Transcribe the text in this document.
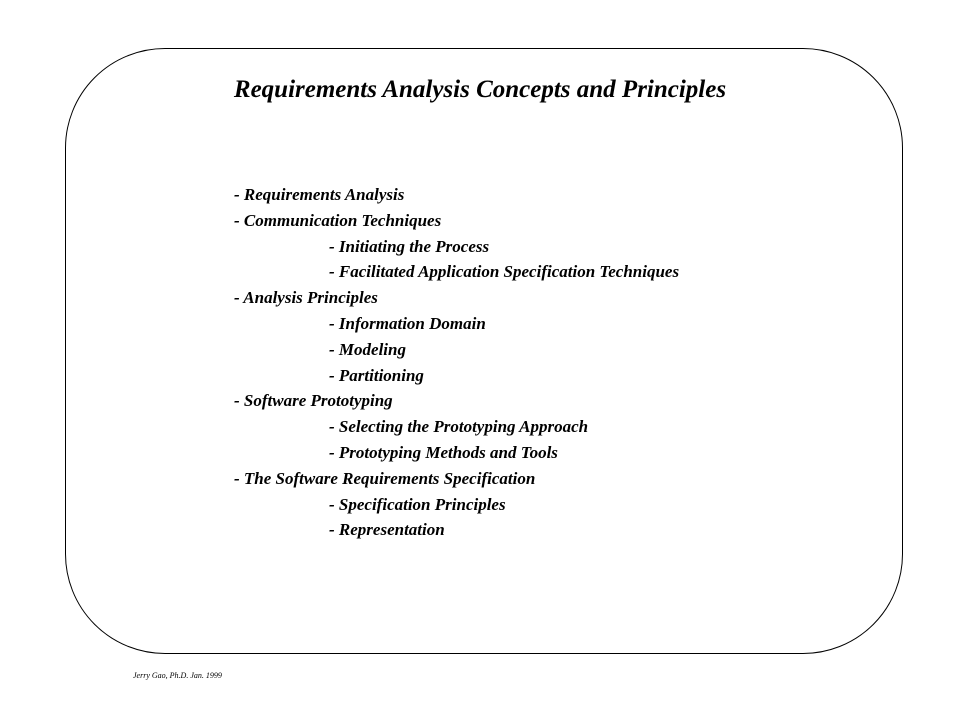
Requirements Analysis Concepts and Principles
- Requirements Analysis
- Communication Techniques
- Initiating the Process
- Facilitated Application Specification Techniques
- Analysis Principles
- Information Domain
- Modeling
- Partitioning
- Software Prototyping
- Selecting the Prototyping Approach
- Prototyping Methods and Tools
- The Software Requirements Specification
- Specification Principles
- Representation
Jerry Gao, Ph.D. Jan. 1999
